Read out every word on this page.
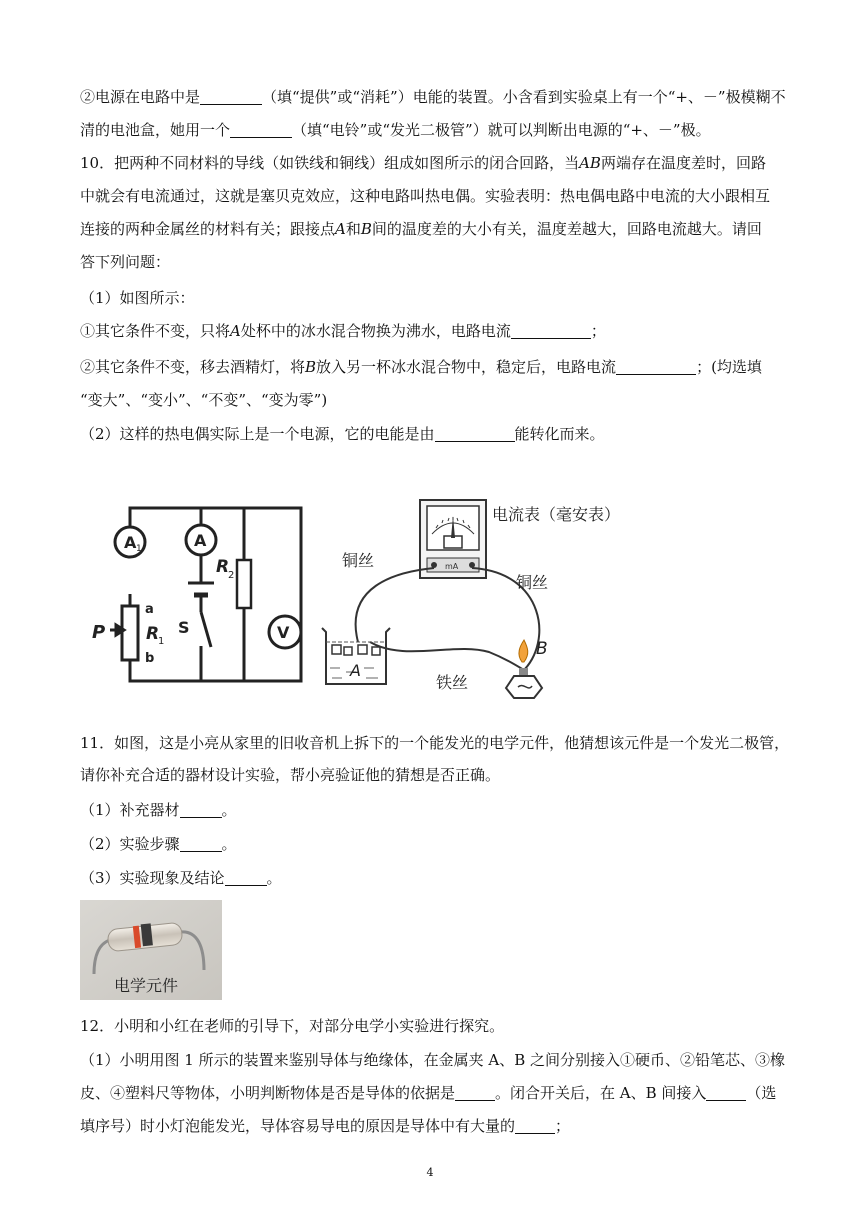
②电源在电路中是	（填“提供”或“消耗”）电能的装置。小含看到实验桌上有一个“+、－”极模糊不
清的电池盒，她用一个	（填“电铃”或“发光二极管”）就可以判断出电源的“+、－”极。
10．把两种不同材料的导线（如铁线和铜线）组成如图所示的闭合回路，当AB两端存在温度差时，回路
中就会有电流通过，这就是塞贝克效应，这种电路叫热电偶。实验表明：热电偶电路中电流的大小跟相互
连接的两种金属丝的材料有关；跟接点A和B间的温度差的大小有关，温度差越大，回路电流越大。请回
答下列问题：
（1）如图所示：
①其它条件不变，只将A处杯中的冰水混合物换为沸水，电路电流	；
②其它条件不变，移去酒精灯，将B放入另一杯冰水混合物中，稳定后，电路电流	；(均选填
“变大”、“变小”、“不变”、“变为零”)
（2）这样的热电偶实际上是一个电源，它的电能是由	能转化而来。
A 1	A
R
2
V
S
P R
1
a
b
mA
电流表（毫安表）
铜丝
铜丝
铁丝
A
B
11．如图，这是小亮从家里的旧收音机上拆下的一个能发光的电学元件，他猜想该元件是一个发光二极管，
请你补充合适的器材设计实验，帮小亮验证他的猜想是否正确。
（1）补充器材	。
（2）实验步骤	。
（3）实验现象及结论	。
电学元件
12．小明和小红在老师的引导下，对部分电学小实验进行探究。
（1）小明用图 1 所示的装置来鉴别导体与绝缘体，在金属夹 A、B 之间分别接入①硬币、②铅笔芯、③橡
皮、④塑料尺等物体，小明判断物体是否是导体的依据是	。闭合开关后，在 A、B 间接入	（选
填序号）时小灯泡能发光，导体容易导电的原因是导体中有大量的	；
4
